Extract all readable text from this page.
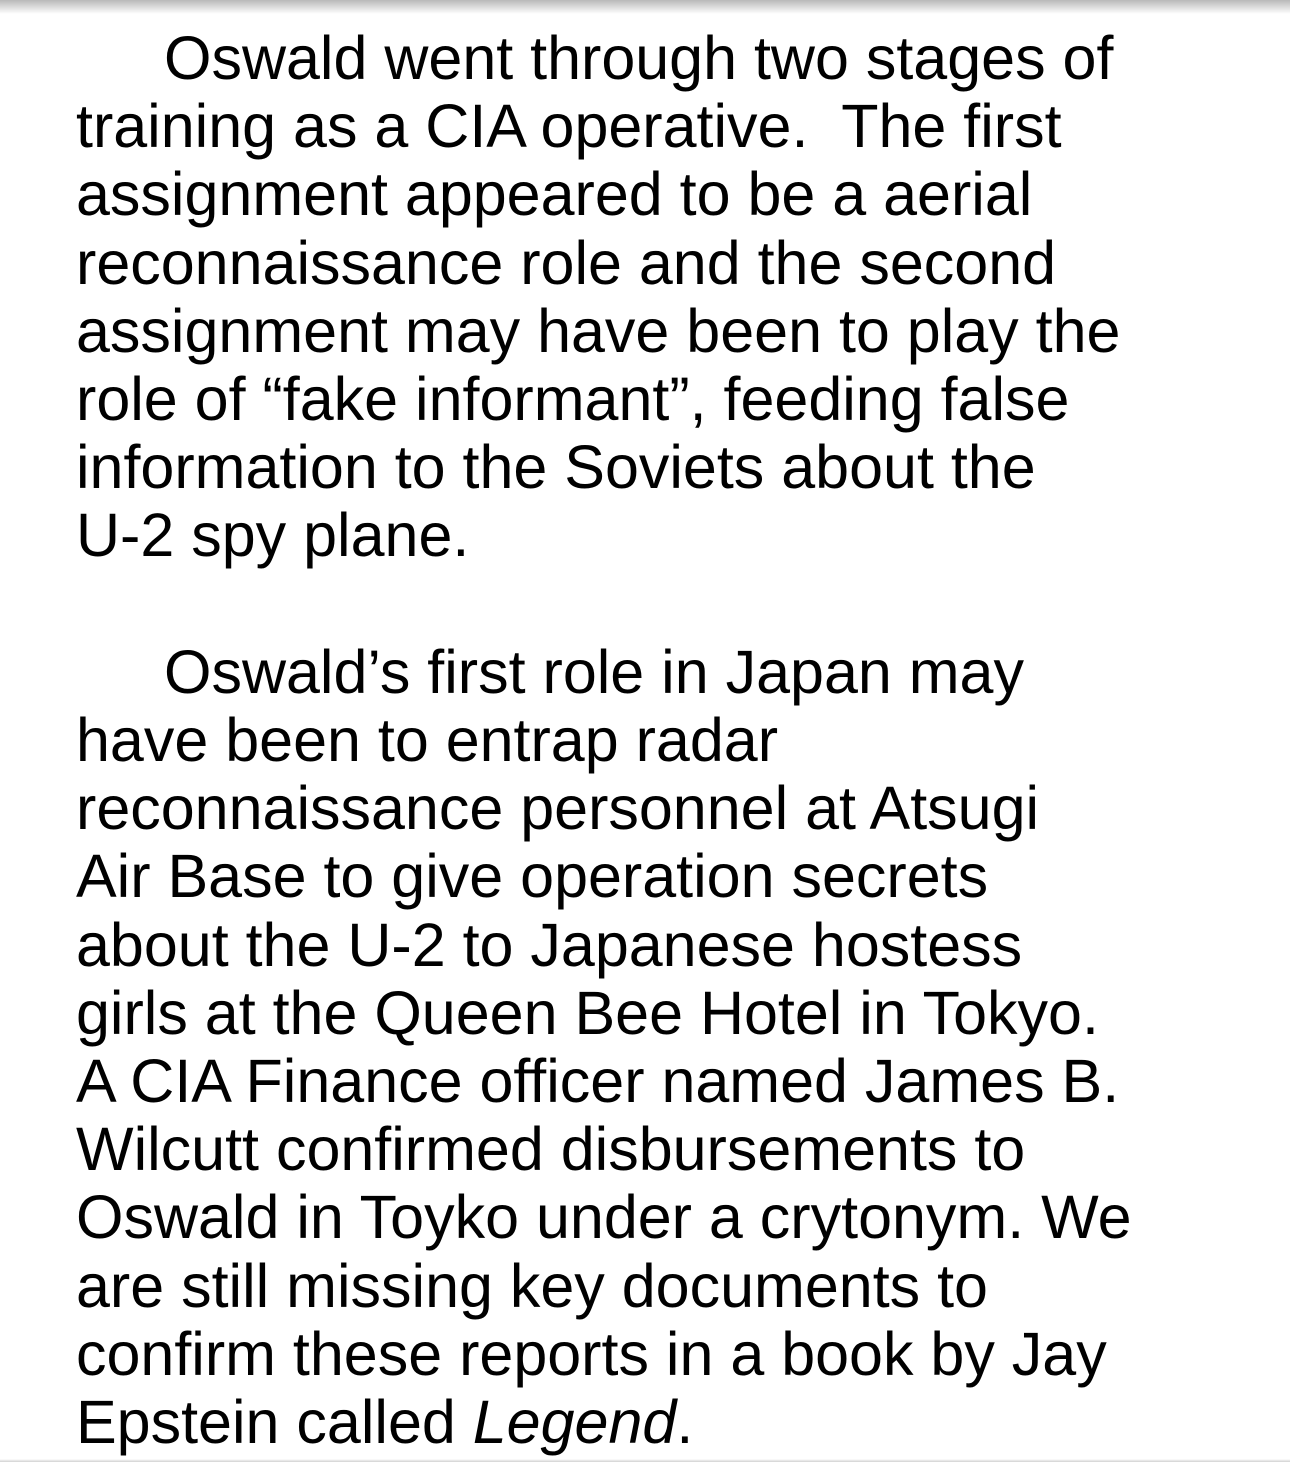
Oswald went through two stages of
training as a CIA operative.  The first
assignment appeared to be a aerial
reconnaissance role and the second
assignment may have been to play the
role of “fake informant”, feeding false
information to the Soviets about the
U-2 spy plane.

Oswald’s first role in Japan may
have been to entrap radar
reconnaissance personnel at Atsugi
Air Base to give operation secrets
about the U-2 to Japanese hostess
girls at the Queen Bee Hotel in Tokyo.
A CIA Finance officer named James B.
Wilcutt confirmed disbursements to
Oswald in Toyko under a crytonym. We
are still missing key documents to
confirm these reports in a book by Jay
Epstein called Legend.
